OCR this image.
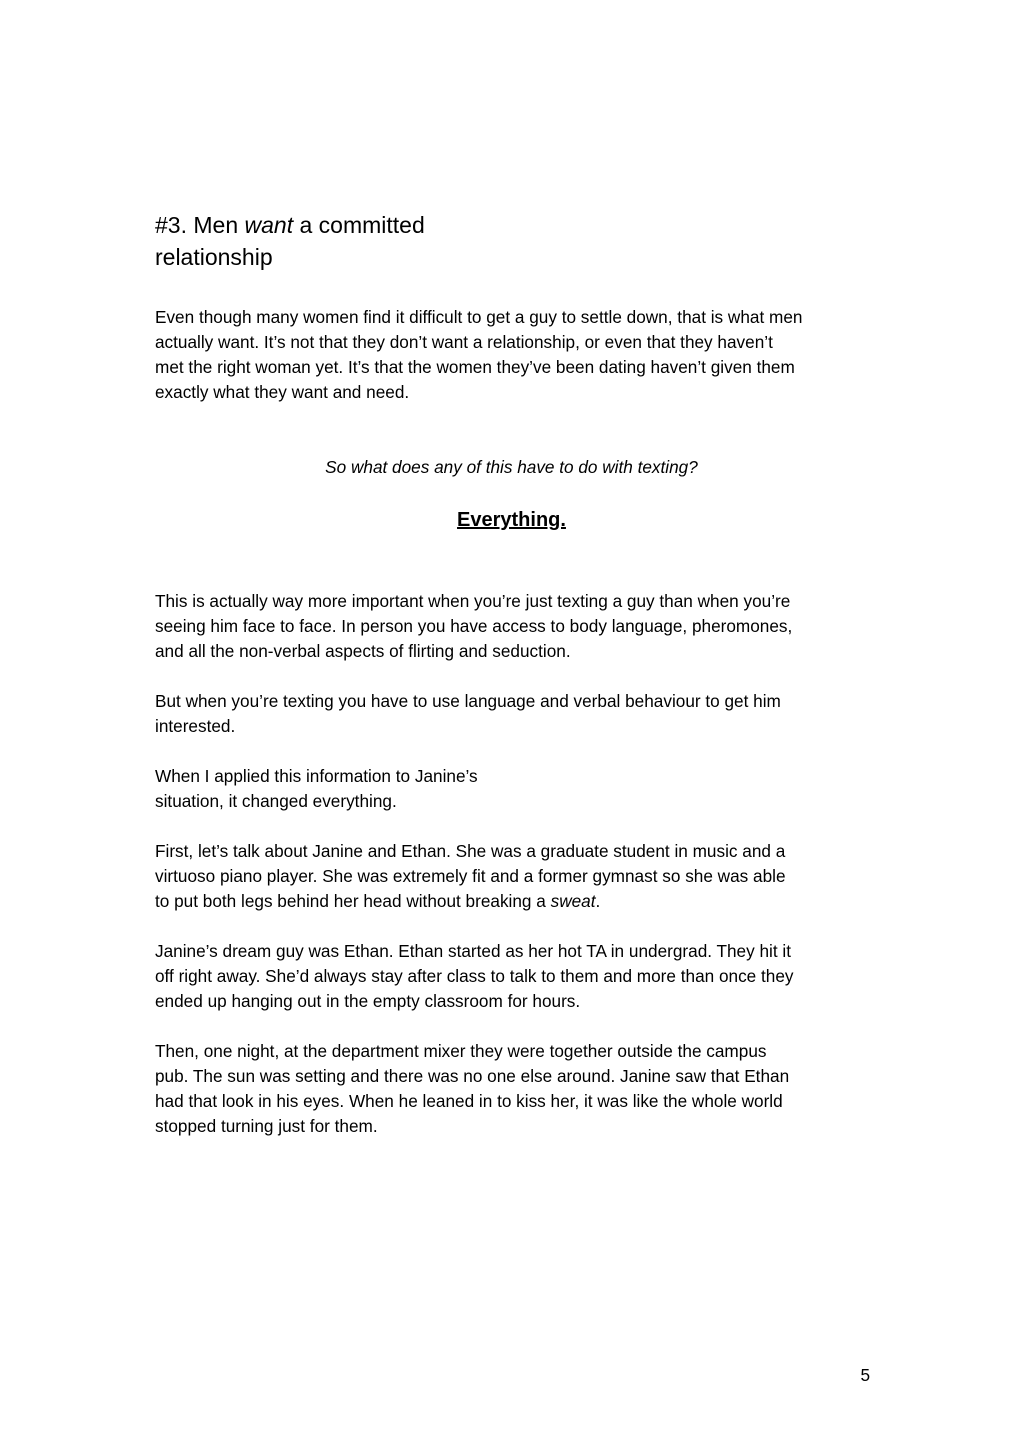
#3. Men want a committed
relationship

Even though many women find it difficult to get a guy to settle down, that is what men
actually want. It’s not that they don’t want a relationship, or even that they haven’t
met the right woman yet. It’s that the women they’ve been dating haven’t given them
exactly what they want and need.

So what does any of this have to do with texting?

Everything.

This is actually way more important when you’re just texting a guy than when you’re
seeing him face to face. In person you have access to body language, pheromones,
and all the non-verbal aspects of flirting and seduction.

But when you’re texting you have to use language and verbal behaviour to get him
interested.

When I applied this information to Janine’s
situation, it changed everything.

First, let’s talk about Janine and Ethan. She was a graduate student in music and a
virtuoso piano player. She was extremely fit and a former gymnast so she was able
to put both legs behind her head without breaking a sweat.

Janine’s dream guy was Ethan. Ethan started as her hot TA in undergrad. They hit it
off right away. She’d always stay after class to talk to them and more than once they
ended up hanging out in the empty classroom for hours.

Then, one night, at the department mixer they were together outside the campus
pub. The sun was setting and there was no one else around. Janine saw that Ethan
had that look in his eyes. When he leaned in to kiss her, it was like the whole world
stopped turning just for them.

5
